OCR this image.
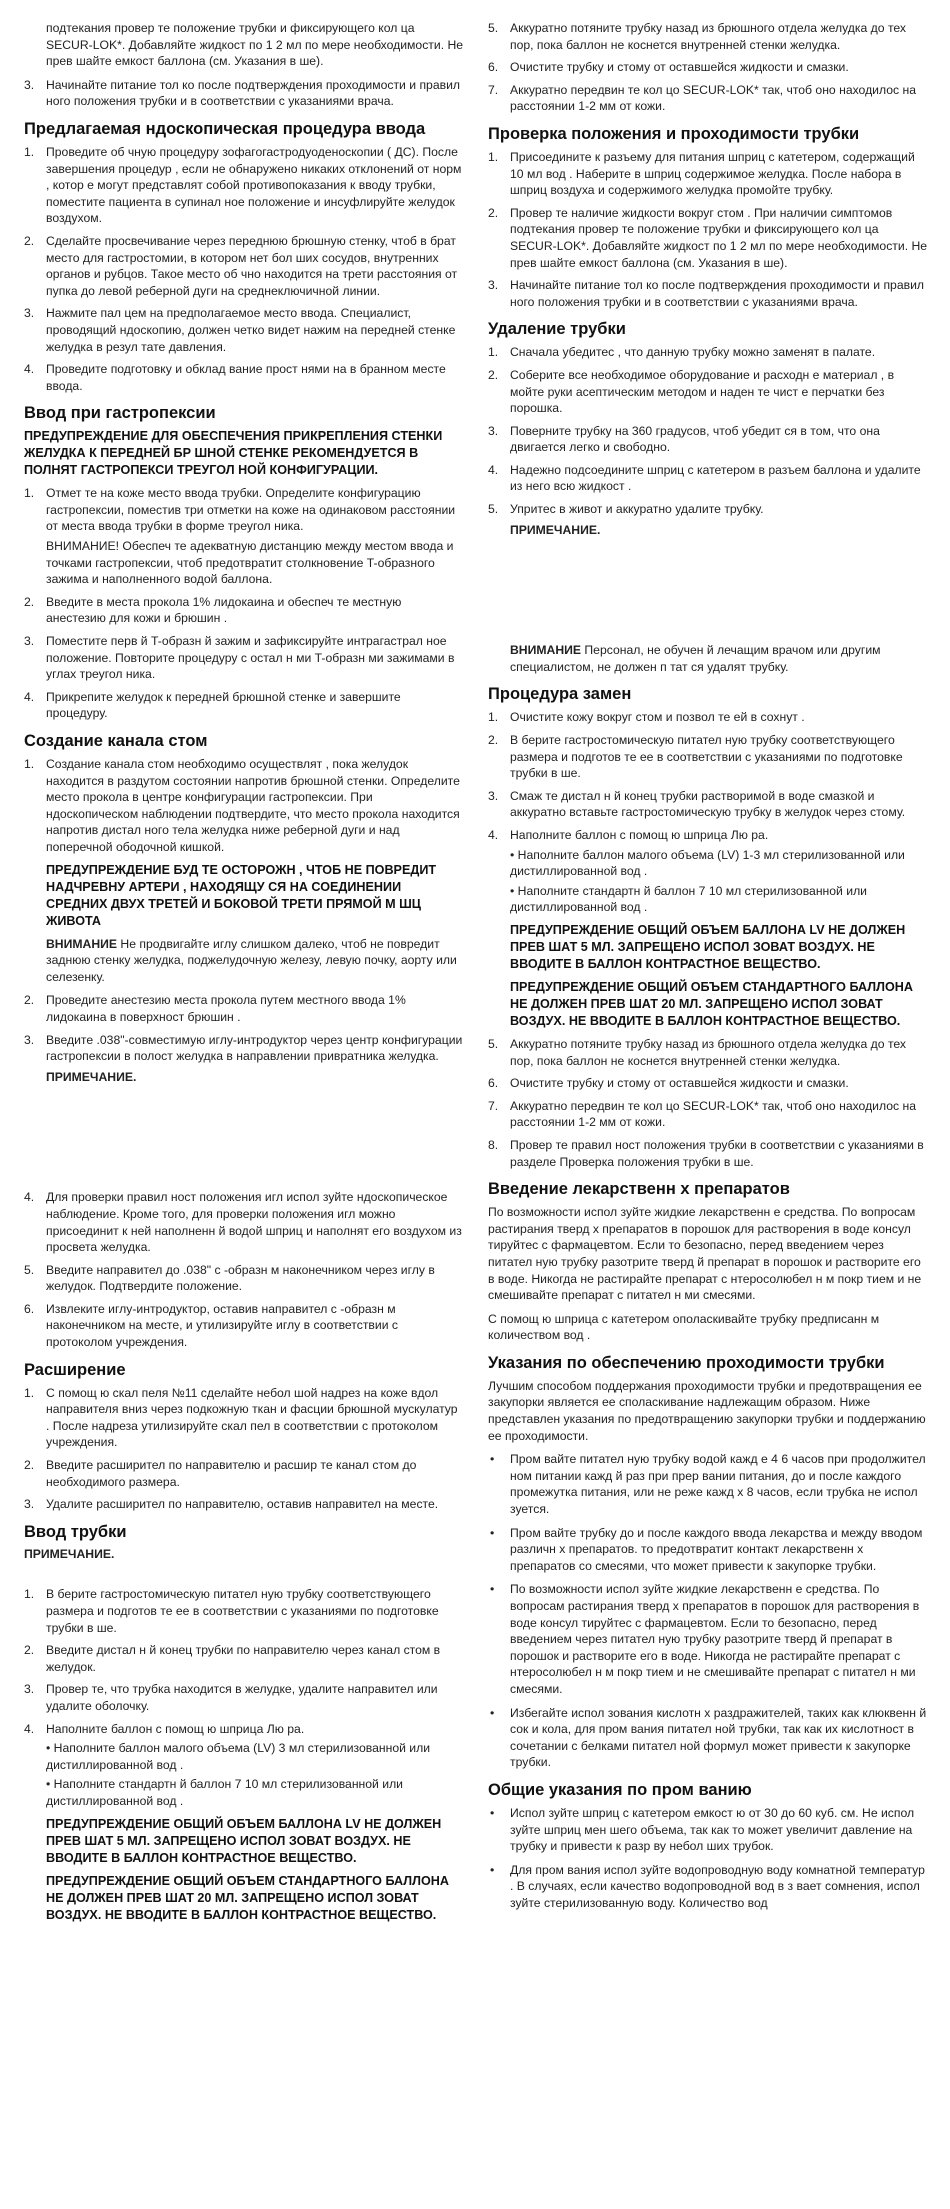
подтекания провер те положение трубки и фиксирующего кол ца SECUR-LOK*. Добавляйте жидкост по 1 2 мл по мере необходимости. Не прев шайте емкост баллона (см. Указания в ше).
3. Начинайте питание тол ко после подтверждения проходимости и правил ного положения трубки и в соответствии с указаниями врача.
Предлагаемая ндоскопическая процедура ввода
1. Проведите об чную процедуру зофагогастродуоденоскопии ( ДС). После завершения процедур , если не обнаружено никаких отклонений от норм , котор е могут представлят собой противопоказания к вводу трубки, поместите пациента в супинал ное положение и инсуфлируйте желудок воздухом.
2. Сделайте просвечивание через переднюю брюшную стенку, чтоб в брат место для гастростомии, в котором нет бол ших сосудов, внутренних органов и рубцов. Такое место об чно находится на трети расстояния от пупка до левой реберной дуги на среднеключичной линии.
3. Нажмите пал цем на предполагаемое место ввода. Специалист, проводящий ндоскопию, должен четко видет нажим на передней стенке желудка в резул тате давления.
4. Проведите подготовку и обклад вание прост нями на в бранном месте ввода.
Ввод при гастропексии
ПРЕДУПРЕЖДЕНИЕ ДЛЯ ОБЕСПЕЧЕНИЯ ПРИКРЕПЛЕНИЯ СТЕНКИ ЖЕЛУДКА К ПЕРЕДНЕЙ БР ШНОЙ СТЕНКЕ РЕКОМЕНДУЕТСЯ В ПОЛНЯТ ГАСТРОПЕКСИ ТРЕУГОЛ НОЙ КОНФИГУРАЦИИ.
1. Отмет те на коже место ввода трубки. Определите конфигурацию гастропексии, поместив три отметки на коже на одинаковом расстоянии от места ввода трубки в форме треугол ника.
ВНИМАНИЕ! Обеспеч те адекватную дистанцию между местом ввода и точками гастропексии, чтоб предотвратит столкновение T-образного зажима и наполненного водой баллона.
2. Введите в места прокола 1% лидокаина и обеспеч те местную анестезию для кожи и брюшин .
3. Поместите перв й T-образн й зажим и зафиксируйте интрагастрал ное положение. Повторите процедуру с остал н ми T-образн ми зажимами в углах треугол ника.
4. Прикрепите желудок к передней брюшной стенке и завершите процедуру.
Создание канала стом
1. Создание канала стом необходимо осуществлят , пока желудок находится в раздутом состоянии напротив брюшной стенки. Определите место прокола в центре конфигурации гастропексии. При ндоскопическом наблюдении подтвердите, что место прокола находится напротив дистал ного тела желудка ниже реберной дуги и над поперечной ободочной кишкой.
ПРЕДУПРЕЖДЕНИЕ БУД ТЕ ОСТОРОЖН , ЧТОБ НЕ ПОВРЕДИТ НАДЧРЕВНУ АРТЕРИ , НАХОДЯЩУ СЯ НА СОЕДИНЕНИИ СРЕДНИХ ДВУХ ТРЕТЕЙ И БОКОВОЙ ТРЕТИ ПРЯМОЙ М ШЦ ЖИВОТА
ВНИМАНИЕ Не продвигайте иглу слишком далеко, чтоб не повредит заднюю стенку желудка, поджелудочную железу, левую почку, аорту или селезенку.
2. Проведите анестезию места прокола путем местного ввода 1% лидокаина в поверхност брюшин .
3. Введите .038"-совместимую иглу-интродуктор через центр конфигурации гастропексии в полост желудка в направлении привратника желудка.
ПРИМЕЧАНИЕ.
4. Для проверки правил ност положения игл испол зуйте ндоскопическое наблюдение. Кроме того, для проверки положения игл можно присоединит к ней наполненн й водой шприц и наполнят его воздухом из просвета желудка.
5. Введите направител до .038" с -образн м наконечником через иглу в желудок. Подтвердите положение.
6. Извлеките иглу-интродуктор, оставив направител с -образн м наконечником на месте, и утилизируйте иглу в соответствии с протоколом учреждения.
Расширение
1. С помощ ю скал пеля №11 сделайте небол шой надрез на коже вдол направителя вниз через подкожную ткан и фасции брюшной мускулатур . После надреза утилизируйте скал пел в соответствии с протоколом учреждения.
2. Введите расширител по направителю и расшир те канал стом до необходимого размера.
3. Удалите расширител по направителю, оставив направител на месте.
Ввод трубки
ПРИМЕЧАНИЕ.
1. В берите гастростомическую питател ную трубку соответствующего размера и подготов те ее в соответствии с указаниями по подготовке трубки в ше.
2. Введите дистал н й конец трубки по направителю через канал стом в желудок.
3. Провер те, что трубка находится в желудке, удалите направител или удалите оболочку.
4. Наполните баллон с помощ ю шприца Лю ра.
• Наполните баллон малого объема (LV) 3 мл стерилизованной или дистиллированной вод .
• Наполните стандартн й баллон 7 10 мл стерилизованной или дистиллированной вод .
ПРЕДУПРЕЖДЕНИЕ ОБЩИЙ ОБЪЕМ БАЛЛОНА LV НЕ ДОЛЖЕН ПРЕВ ШАТ 5 МЛ. ЗАПРЕЩЕНО ИСПОЛ ЗОВАТ ВОЗДУХ. НЕ ВВОДИТЕ В БАЛЛОН КОНТРАСТНОЕ ВЕЩЕСТВО.
ПРЕДУПРЕЖДЕНИЕ ОБЩИЙ ОБЪЕМ СТАНДАРТНОГО БАЛЛОНА НЕ ДОЛЖЕН ПРЕВ ШАТ 20 МЛ. ЗАПРЕЩЕНО ИСПОЛ ЗОВАТ ВОЗДУХ. НЕ ВВОДИТЕ В БАЛЛОН КОНТРАСТНОЕ ВЕЩЕСТВО.
5. Аккуратно потяните трубку назад из брюшного отдела желудка до тех пор, пока баллон не коснется внутренней стенки желудка.
6. Очистите трубку и стому от оставшейся жидкости и смазки.
7. Аккуратно передвин те кол цо SECUR-LOK* так, чтоб оно находилос на расстоянии 1-2 мм от кожи.
Проверка положения и проходимости трубки
1. Присоедините к разъему для питания шприц с катетером, содержащий 10 мл вод . Наберите в шприц содержимое желудка. После набора в шприц воздуха и содержимого желудка промойте трубку.
2. Провер те наличие жидкости вокруг стом . При наличии симптомов подтекания провер те положение трубки и фиксирующего кол ца SECUR-LOK*. Добавляйте жидкост по 1 2 мл по мере необходимости. Не прев шайте емкост баллона (см. Указания в ше).
3. Начинайте питание тол ко после подтверждения проходимости и правил ного положения трубки и в соответствии с указаниями врача.
Удаление трубки
1. Сначала убедитес , что данную трубку можно заменят в палате.
2. Соберите все необходимое оборудование и расходн е материал , в мойте руки асептическим методом и наден те чист е перчатки без порошка.
3. Поверните трубку на 360 градусов, чтоб убедит ся в том, что она двигается легко и свободно.
4. Надежно подсоедините шприц с катетером в разъем баллона и удалите из него всю жидкост .
5. Упритес в живот и аккуратно удалите трубку.
ПРИМЕЧАНИЕ.
ВНИМАНИЕ Персонал, не обучен й лечащим врачом или другим специалистом, не должен п тат ся удалят трубку.
Процедура замен
1. Очистите кожу вокруг стом и позвол те ей в сохнут .
2. В берите гастростомическую питател ную трубку соответствующего размера и подготов те ее в соответствии с указаниями по подготовке трубки в ше.
3. Смаж те дистал н й конец трубки растворимой в воде смазкой и аккуратно вставьте гастростомическую трубку в желудок через стому.
4. Наполните баллон с помощ ю шприца Лю ра.
• Наполните баллон малого объема (LV) 1-3 мл стерилизованной или дистиллированной вод .
• Наполните стандартн й баллон 7 10 мл стерилизованной или дистиллированной вод .
ПРЕДУПРЕЖДЕНИЕ ОБЩИЙ ОБЪЕМ БАЛЛОНА LV НЕ ДОЛЖЕН ПРЕВ ШАТ 5 МЛ. ЗАПРЕЩЕНО ИСПОЛ ЗОВАТ ВОЗДУХ. НЕ ВВОДИТЕ В БАЛЛОН КОНТРАСТНОЕ ВЕЩЕСТВО.
ПРЕДУПРЕЖДЕНИЕ ОБЩИЙ ОБЪЕМ СТАНДАРТНОГО БАЛЛОНА НЕ ДОЛЖЕН ПРЕВ ШАТ 20 МЛ. ЗАПРЕЩЕНО ИСПОЛ ЗОВАТ ВОЗДУХ. НЕ ВВОДИТЕ В БАЛЛОН КОНТРАСТНОЕ ВЕЩЕСТВО.
5. Аккуратно потяните трубку назад из брюшного отдела желудка до тех пор, пока баллон не коснется внутренней стенки желудка.
6. Очистите трубку и стому от оставшейся жидкости и смазки.
7. Аккуратно передвин те кол цо SECUR-LOK* так, чтоб оно находилос на расстоянии 1-2 мм от кожи.
8. Провер те правил ност положения трубки в соответствии с указаниями в разделе Проверка положения трубки в ше.
Введение лекарственн х препаратов
По возможности испол зуйте жидкие лекарственн е средства. По вопросам растирания тверд х препаратов в порошок для растворения в воде консул тируйтес с фармацевтом. Если то безопасно, перед введением через питател ную трубку разотрите тверд й препарат в порошок и растворите его в воде. Никогда не растирайте препарат с нтеросолюбел н м покр тием и не смешивайте препарат с питател н ми смесями.
С помощ ю шприца с катетером ополаскивайте трубку предписанн м количеством вод .
Указания по обеспечению проходимости трубки
Лучшим способом поддержания проходимости трубки и предотвращения ее закупорки является ее споласкивание надлежащим образом. Ниже представлен указания по предотвращению закупорки трубки и поддержанию ее проходимости.
• Пром вайте питател ную трубку водой кажд е 4 6 часов при продолжител ном питании кажд й раз при прер вании питания, до и после каждого промежутка питания, или не реже кажд х 8 часов, если трубка не испол зуется.
• Пром вайте трубку до и после каждого ввода лекарства и между вводом различн х препаратов. то предотвратит контакт лекарственн х препаратов со смесями, что может привести к закупорке трубки.
• По возможности испол зуйте жидкие лекарственн е средства. По вопросам растирания тверд х препаратов в порошок для растворения в воде консул тируйтес с фармацевтом. Если то безопасно, перед введением через питател ную трубку разотрите тверд й препарат в порошок и растворите его в воде. Никогда не растирайте препарат с нтеросолюбел н м покр тием и не смешивайте препарат с питател н ми смесями.
• Избегайте испол зования кислотн х раздражителей, таких как клюквенн й сок и кола, для пром вания питател ной трубки, так как их кислотност в сочетании с белками питател ной формул может привести к закупорке трубки.
Общие указания по пром ванию
• Испол зуйте шприц с катетером емкост ю от 30 до 60 куб. см. Не испол зуйте шприц мен шего объема, так как то может увеличит давление на трубку и привести к разр ву небол ших трубок.
• Для пром вания испол зуйте водопроводную воду комнатной температур . В случаях, если качество водопроводной вод в з вает сомнения, испол зуйте стерилизованную воду. Количество вод
